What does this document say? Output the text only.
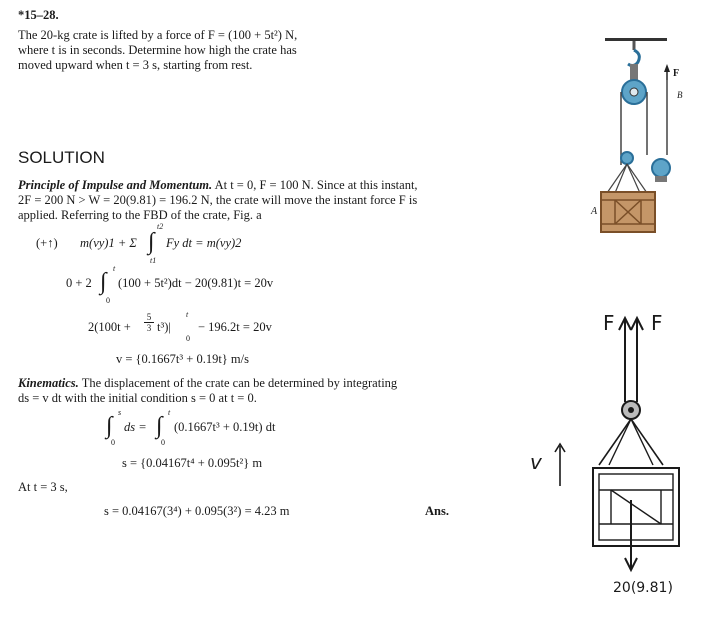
*15–28.
The 20-kg crate is lifted by a force of F = (100 + 5t²) N,
where t is in seconds. Determine how high the crate has
moved upward when t = 3 s, starting from rest.
F
B
A
SOLUTION
Principle of Impulse and Momentum. At t = 0, F = 100 N. Since at this instant,
2F = 200 N > W = 20(9.81) = 196.2 N, the crate will move the instant force F is
applied. Referring to the FBD of the crate, Fig. a
(+↑) m(vy)1 + Σ ∫
t2
t1
Fy dt = m(vy)2
0 + 2 ∫
t
0
(100 + 5t²)dt − 20(9.81)t = 20v
$2(100t + \frac{5}{3} t^3)|$
t
0
− 196.2t = 20v
v = {0.1667t³ + 0.19t} m/s
Kinematics. The displacement of the crate can be determined by integrating
ds = v dt with the initial condition s = 0 at t = 0.
∫
s
0
ds = ∫
t
0
(0.1667t³ + 0.19t) dt
s = {0.04167t⁴ + 0.095t²} m
At t = 3 s,
s = 0.04167(3⁴) + 0.095(3²) = 4.23 m	Ans.
v
F F
20(9.81)
